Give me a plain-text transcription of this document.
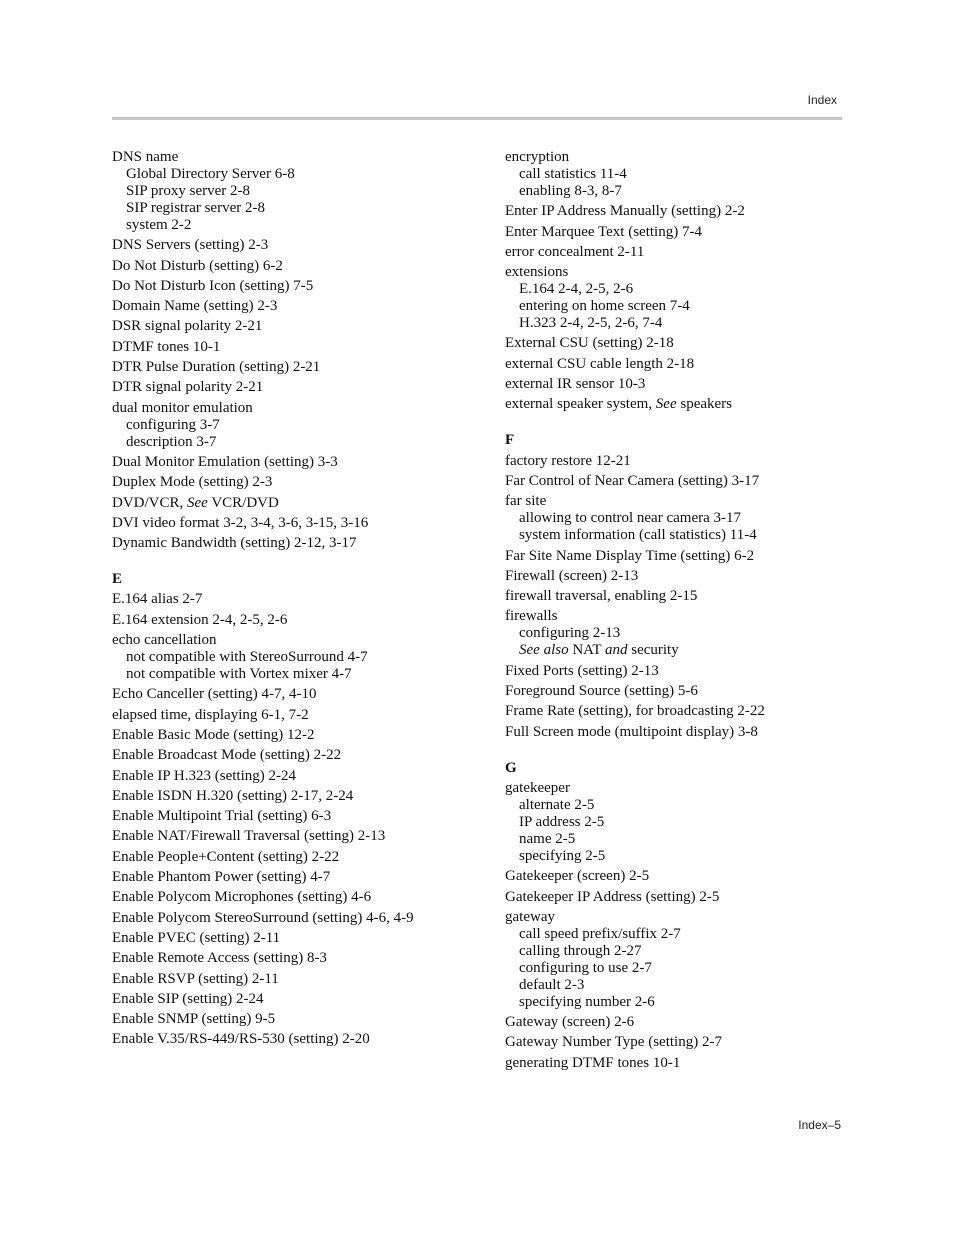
Index
DNS name
Global Directory Server 6-8
SIP proxy server 2-8
SIP registrar server 2-8
system 2-2
DNS Servers (setting) 2-3
Do Not Disturb (setting) 6-2
Do Not Disturb Icon (setting) 7-5
Domain Name (setting) 2-3
DSR signal polarity 2-21
DTMF tones 10-1
DTR Pulse Duration (setting) 2-21
DTR signal polarity 2-21
dual monitor emulation
configuring 3-7
description 3-7
Dual Monitor Emulation (setting) 3-3
Duplex Mode (setting) 2-3
DVD/VCR, See VCR/DVD
DVI video format 3-2, 3-4, 3-6, 3-15, 3-16
Dynamic Bandwidth (setting) 2-12, 3-17
E
E.164 alias 2-7
E.164 extension 2-4, 2-5, 2-6
echo cancellation
not compatible with StereoSurround 4-7
not compatible with Vortex mixer 4-7
Echo Canceller (setting) 4-7, 4-10
elapsed time, displaying 6-1, 7-2
Enable Basic Mode (setting) 12-2
Enable Broadcast Mode (setting) 2-22
Enable IP H.323 (setting) 2-24
Enable ISDN H.320 (setting) 2-17, 2-24
Enable Multipoint Trial (setting) 6-3
Enable NAT/Firewall Traversal (setting) 2-13
Enable People+Content (setting) 2-22
Enable Phantom Power (setting) 4-7
Enable Polycom Microphones (setting) 4-6
Enable Polycom StereoSurround (setting) 4-6, 4-9
Enable PVEC (setting) 2-11
Enable Remote Access (setting) 8-3
Enable RSVP (setting) 2-11
Enable SIP (setting) 2-24
Enable SNMP (setting) 9-5
Enable V.35/RS-449/RS-530 (setting) 2-20
encryption
call statistics 11-4
enabling 8-3, 8-7
Enter IP Address Manually (setting) 2-2
Enter Marquee Text (setting) 7-4
error concealment 2-11
extensions
E.164 2-4, 2-5, 2-6
entering on home screen 7-4
H.323 2-4, 2-5, 2-6, 7-4
External CSU (setting) 2-18
external CSU cable length 2-18
external IR sensor 10-3
external speaker system, See speakers
F
factory restore 12-21
Far Control of Near Camera (setting) 3-17
far site
allowing to control near camera 3-17
system information (call statistics) 11-4
Far Site Name Display Time (setting) 6-2
Firewall (screen) 2-13
firewall traversal, enabling 2-15
firewalls
configuring 2-13
See also NAT and security
Fixed Ports (setting) 2-13
Foreground Source (setting) 5-6
Frame Rate (setting), for broadcasting 2-22
Full Screen mode (multipoint display) 3-8
G
gatekeeper
alternate 2-5
IP address 2-5
name 2-5
specifying 2-5
Gatekeeper (screen) 2-5
Gatekeeper IP Address (setting) 2-5
gateway
call speed prefix/suffix 2-7
calling through 2-27
configuring to use 2-7
default 2-3
specifying number 2-6
Gateway (screen) 2-6
Gateway Number Type (setting) 2-7
generating DTMF tones 10-1
Index–5
